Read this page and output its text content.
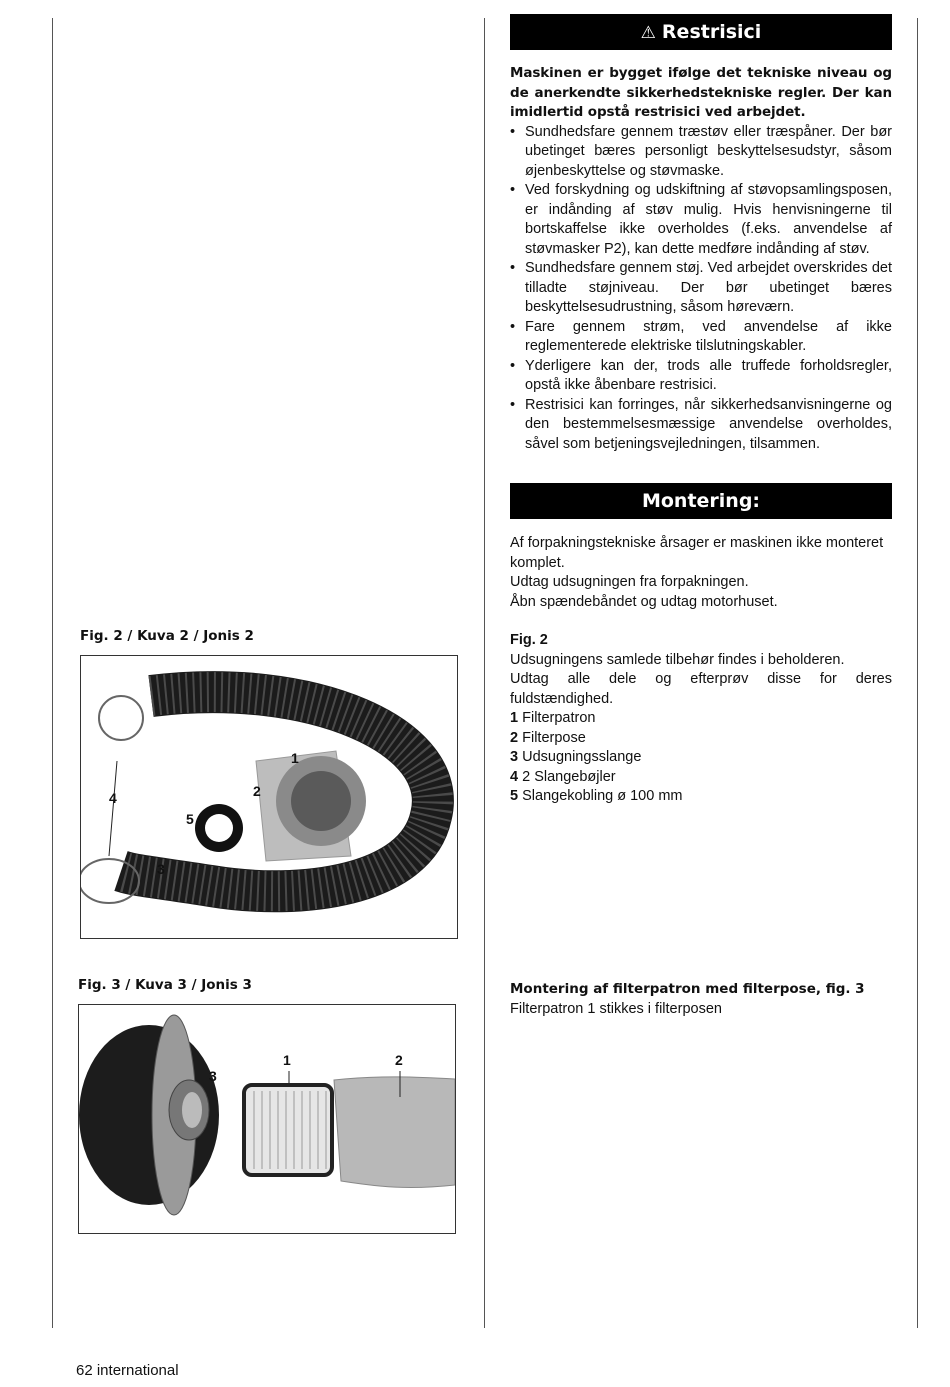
⚠ Restrisici
Maskinen er bygget ifølge det tekniske niveau og de anerkendte sikkerhedstekniske regler. Der kan imidlertid opstå restrisici ved arbejdet.
• Sundhedsfare gennem træstøv eller træspåner. Der bør ubetinget bæres personligt beskyttelsesudstyr, såsom øjenbeskyttelse og støvmaske.
• Ved forskydning og udskiftning af støvopsamlingsposen, er indånding af støv mulig. Hvis henvisningerne til bortskaffelse ikke overholdes (f.eks. anvendelse af støvmasker P2), kan dette medføre indånding af støv.
• Sundhedsfare gennem støj. Ved arbejdet overskrides det tilladte støjniveau. Der bør ubetinget bæres beskyttelsesudrustning, såsom høreværn.
• Fare gennem strøm, ved anvendelse af ikke reglementerede elektriske tilslutningskabler.
• Yderligere kan der, trods alle truffede forholdsregler, opstå ikke åbenbare restrisici.
• Restrisici kan forringes, når sikkerhedsanvisningerne og den bestemmelsesmæssige anvendelse overholdes, såvel som betjeningsvejledningen, tilsammen.
Montering:
Af forpakningstekniske årsager er maskinen ikke monteret komplet.
Udtag udsugningen fra forpakningen.
Åbn spændebåndet og udtag motorhuset.
Fig. 2
Udsugningens samlede tilbehør findes i beholderen.
Udtag alle dele og efterprøv disse for deres fuldstændighed.
1 Filterpatron
2 Filterpose
3 Udsugningsslange
4 2 Slangebøjler
5 Slangekobling ø 100 mm
Montering af filterpatron med filterpose, fig. 3
Filterpatron 1 stikkes i filterposen
Fig. 2 / Kuva 2 / Jonis 2
1
2
3
4
5
Fig. 3 / Kuva 3 / Jonis 3
1	2
3
62 international
